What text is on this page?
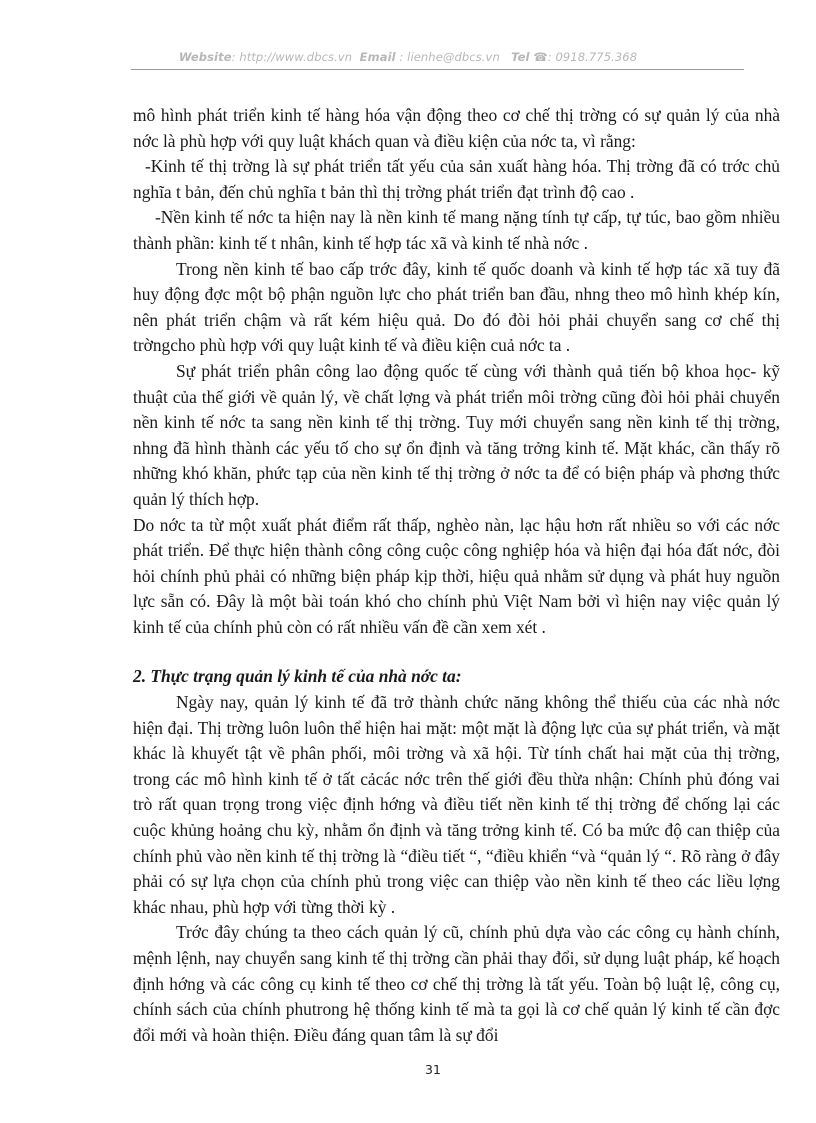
Website: http://www.dbcs.vn Email : lienhe@dbcs.vn Tel ☎: 0918.775.368

mô hình phát triển kinh tế hàng hóa vận động theo cơ chế thị trờng có sự quản lý của nhà nớc là phù hợp với quy luật khách quan và điều kiện của nớc ta, vì rằng:

-Kinh tế thị trờng là sự phát triển tất yếu của sản xuất hàng hóa. Thị trờng đã có trớc chủ nghĩa t bản, đến chủ nghĩa t bản thì thị trờng phát triển đạt trình độ cao .

-Nền kinh tế nớc ta hiện nay là nền kinh tế mang nặng tính tự cấp, tự túc, bao gồm nhiều thành phần: kinh tế t nhân, kinh tế hợp tác xã và kinh tế nhà nớc .

Trong nền kinh tế bao cấp trớc đây, kinh tế quốc doanh và kinh tế hợp tác xã tuy đã huy động đợc một bộ phận nguồn lực cho phát triển ban đầu, nhng theo mô hình khép kín, nên phát triển chậm và rất kém hiệu quả. Do đó đòi hỏi phải chuyển sang cơ chế thị trờngcho phù hợp với quy luật kinh tế và điều kiện cuả nớc ta .

Sự phát triển phân công lao động quốc tế cùng với thành quả tiến bộ khoa học- kỹ thuật của thế giới về quản lý, về chất lợng và phát triển môi trờng cũng đòi hỏi phải chuyển nền kinh tế nớc ta sang nền kinh tế thị trờng. Tuy mới chuyển sang nền kinh tế thị trờng, nhng đã hình thành các yếu tố cho sự ổn định và tăng trởng kinh tế. Mặt khác, cần thấy rõ những khó khăn, phức tạp của nền kinh tế thị trờng ở nớc ta để có biện pháp và phơng thức quản lý thích hợp.

Do nớc ta từ một xuất phát điểm rất thấp, nghèo nàn, lạc hậu hơn rất nhiều so với các nớc phát triển. Để thực hiện thành công công cuộc công nghiệp hóa và hiện đại hóa đất nớc, đòi hỏi chính phủ phải có những biện pháp kịp thời, hiệu quả nhằm sử dụng và phát huy nguồn lực sẵn có. Đây là một bài toán khó cho chính phủ Việt Nam bởi vì hiện nay việc quản lý kinh tế của chính phủ còn có rất nhiều vấn đề cần xem xét .

2. Thực trạng quản lý kinh tế của nhà nớc ta:

Ngày nay, quản lý kinh tế đã trở thành chức năng không thể thiếu của các nhà nớc hiện đại. Thị trờng luôn luôn thể hiện hai mặt: một mặt là động lực của sự phát triển, và mặt khác là khuyết tật về phân phối, môi trờng và xã hội. Từ tính chất hai mặt của thị trờng, trong các mô hình kinh tế ở tất cảcác nớc trên thế giới đều thừa nhận: Chính phủ đóng vai trò rất quan trọng trong việc định hớng và điều tiết nền kinh tế thị trờng để chống lại các cuộc khủng hoảng chu kỳ, nhằm ổn định và tăng trởng kinh tế. Có ba mức độ can thiệp của chính phủ vào nền kinh tế thị trờng là “điều tiết “, “điều khiển “và “quản lý “. Rõ ràng ở đây phải có sự lựa chọn của chính phủ trong việc can thiệp vào nền kinh tế theo các liều lợng khác nhau, phù hợp với từng thời kỳ .

Trớc đây chúng ta theo cách quản lý cũ, chính phủ dựa vào các công cụ hành chính, mệnh lệnh, nay chuyển sang kinh tế thị trờng cần phải thay đổi, sử dụng luật pháp, kế hoạch định hớng và các công cụ kinh tế theo cơ chế thị trờng là tất yếu. Toàn bộ luật lệ, công cụ, chính sách của chính phutrong hệ thống kinh tế mà ta gọi là cơ chế quản lý kinh tế cần đợc đổi mới và hoàn thiện. Điều đáng quan tâm là sự đổi

31
